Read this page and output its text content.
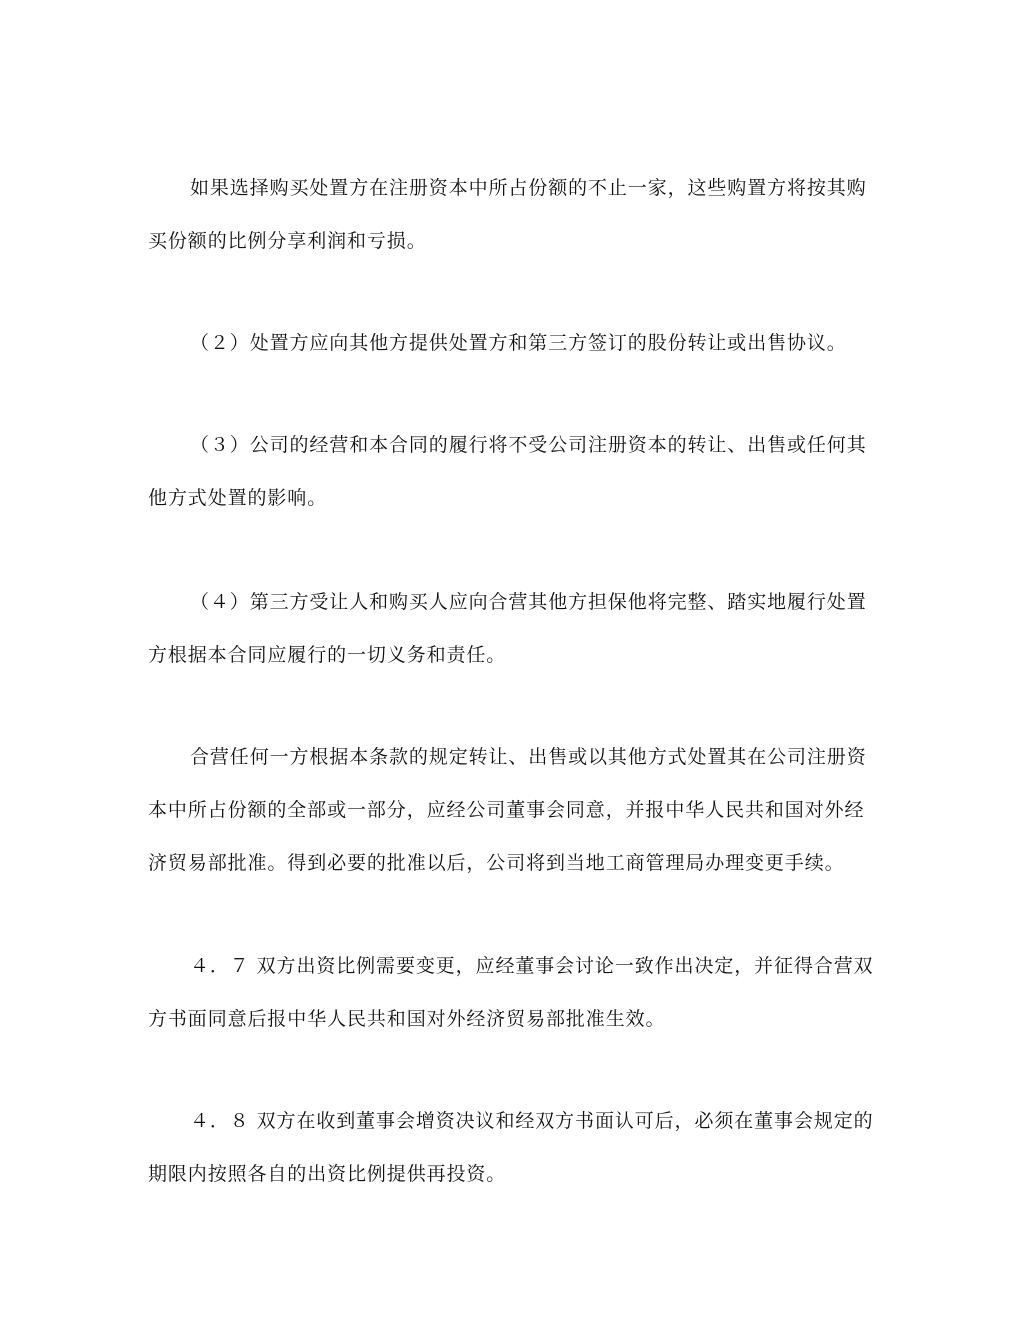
如果选择购买处置方在注册资本中所占份额的不止一家，这些购置方将按其购
买份额的比例分享利润和亏损。
（２）处置方应向其他方提供处置方和第三方签订的股份转让或出售协议。
（３）公司的经营和本合同的履行将不受公司注册资本的转让、出售或任何其
他方式处置的影响。
（４）第三方受让人和购买人应向合营其他方担保他将完整、踏实地履行处置
方根据本合同应履行的一切义务和责任。
合营任何一方根据本条款的规定转让、出售或以其他方式处置其在公司注册资
本中所占份额的全部或一部分，应经公司董事会同意，并报中华人民共和国对外经
济贸易部批准。得到必要的批准以后，公司将到当地工商管理局办理变更手续。
４．７ 双方出资比例需要变更，应经董事会讨论一致作出决定，并征得合营双
方书面同意后报中华人民共和国对外经济贸易部批准生效。
４．８ 双方在收到董事会增资决议和经双方书面认可后，必须在董事会规定的
期限内按照各自的出资比例提供再投资。
